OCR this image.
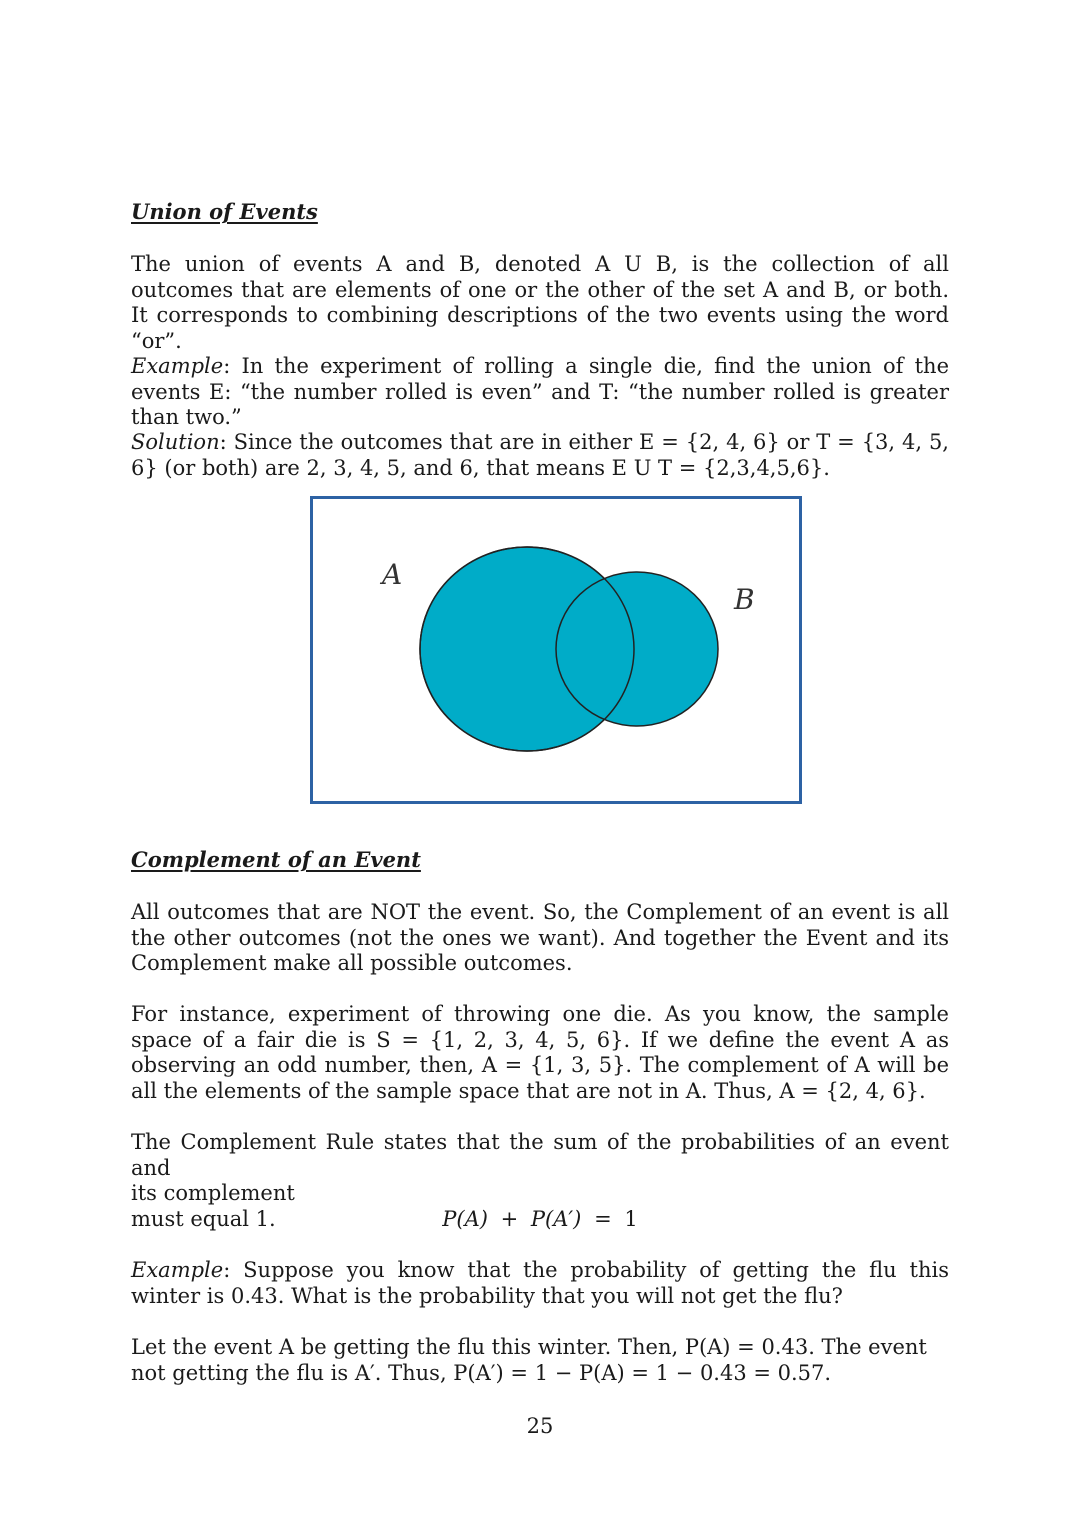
Union of Events
The union of events A and B, denoted A U B, is the collection of all outcomes that are elements of one or the other of the set A and B, or both. It corresponds to combining descriptions of the two events using the word “or”.
Example: In the experiment of rolling a single die, find the union of the events E: “the number rolled is even” and T: “the number rolled is greater than two.”
Solution: Since the outcomes that are in either E = {2, 4, 6} or T = {3, 4, 5, 6} (or both) are 2, 3, 4, 5, and 6, that means E U T = {2,3,4,5,6}.
Complement of an Event
All outcomes that are NOT the event. So, the Complement of an event is all the other outcomes (not the ones we want). And together the Event and its Complement make all possible outcomes.
For instance, experiment of throwing one die. As you know, the sample space of a fair die is S = {1, 2, 3, 4, 5, 6}. If we define the event A as observing an odd number, then, A = {1, 3, 5}. The complement of A will be all the elements of the sample space that are not in A. Thus, A = {2, 4, 6}.
The Complement Rule states that the sum of the probabilities of an event and
its complement
must equal 1.	P(A) + P(A′) = 1
Example: Suppose you know that the probability of getting the flu this winter is 0.43. What is the probability that you will not get the flu?
Let the event A be getting the flu this winter. Then, P(A) = 0.43. The event
not getting the flu is A′. Thus, P(A′) = 1 − P(A) = 1 − 0.43 = 0.57.
A
B
25
